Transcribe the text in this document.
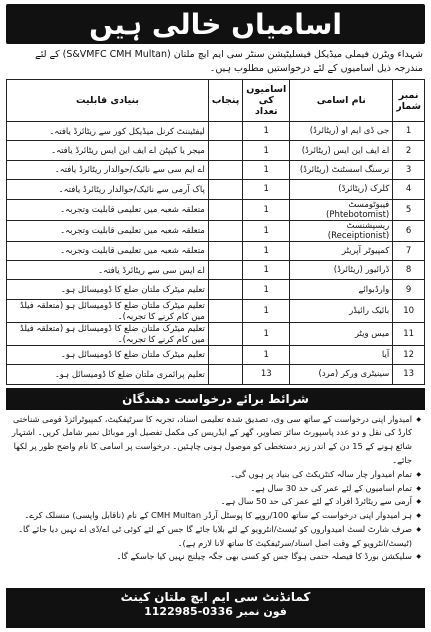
اسامیاں خالی ہیں
شہداء ویٹرن فیملی میڈیکل فیسلیٹیشن سنٹر سی ایم ایچ ملتان (S&VMFC CMH Multan) کے لئے مندرجہ ذیل اسامیوں کے لئے درخواستیں مطلوب ہیں۔
نمبر شمار	نام اسامی	اسامیوں کی تعداد	پنجاب	بنیادی قابلیت
1	جی ڈی ایم او (ریٹائرڈ)	1		لیفٹیننٹ کرنل میڈیکل کور سے ریٹائرڈ یافتہ۔
2	اے ایف این ایس (ریٹائرڈ)	1		میجر یا کیپٹن اے ایف این ایس ریٹائرڈ یافتہ۔
3	نرسنگ اسسٹنٹ (ریٹائرڈ)	1		اے ایم سی سے نائیک/حوالدار ریٹائرڈ یافتہ۔
4	کلرک (ریٹائرڈ)	1		پاک آرمی سے نائیک/حوالدار ریٹائرڈ یافتہ۔
5	فیبوٹومسٹ (Phtebotomist)	1		متعلقہ شعبہ میں تعلیمی قابلیت وتجربہ۔
6	ریسپشنسٹ (Receiptionist)	1		متعلقہ شعبہ میں تعلیمی قابلیت وتجربہ۔
7	کمپیوٹر آپریٹر	1		متعلقہ شعبہ میں تعلیمی قابلیت وتجربہ۔
8	ڈرائیور (ریٹائرڈ)	1		اے ایس سی سے ریٹائرڈ یافتہ۔
9	وارڈبوائے	1		تعلیم میٹرک ملتان ضلع کا ڈومیسائل ہو۔
10	بائیک رائیڈر	1		تعلیم میٹرک ملتان ضلع کا ڈومیسائل ہو (متعلقہ فیلڈ میں کام کرنے کا تجربہ)۔
11	میس ویٹر	1		تعلیم میٹرک ملتان ضلع کا ڈومیسائل ہو (متعلقہ فیلڈ میں کام کرنے کا تجربہ)۔
12	آیا	1		تعلیم میٹرک ملتان ضلع کا ڈومیسائل ہو۔
13	سینیٹری ورکر (مرد)	13		تعلیم پرائمری ملتان ضلع کا ڈومیسائل ہو۔
شرائط برائے درخواست دھندگان
◆ امیدوار اپنی درخواست کے ساتھ سی وی، تصدیق شدہ تعلیمی اسناد، تجربہ کا سرٹیفکیٹ، کمپیوٹرائزڈ قومی شناختی کارڈ کی نقل و دو عدد پاسپورٹ سائز تصاویر، گھر کے ایڈریس کی مکمل تفصیل اور موبائل نمبر شامل کریں۔ اشتہار شائع ہونے کے 15 دن کے اندر زیر دستخطی کو موصول ہونی چاہئیں۔ درخواست پر اسامی کا نام واضح طور پر لکھا جائے۔
◆ تمام امیدوار چار سالہ کنٹریکٹ کی بنیاد پر ہوں گی۔
◆ تمام اسامیوں کے لئے عمر کی حد 30 سال ہے۔
◆ آرمی سے ریٹائرڈ افراد کے لئے عمر کی حد 50 سال ہے۔
◆ ہر امیدوار اپنی درخواست کے ساتھ 100/روپے کا پوسٹل آرڈر CMH Multan کے نام (ناقابل واپسی) منسلک کرے۔
◆ صرف شارٹ لسٹ امیدواروں کو ٹیسٹ/انٹرویو کے لئے بلایا جائے گا جس کے لئے کوئی ٹی اے/ڈی اے نہیں دیا جائے گا۔ (ٹیسٹ/انٹرویو کے وقت اصل اسناد/سرٹیفکیٹ کا ساتھ لانا لازم ہے)۔
◆ سلیکشن بورڈ کا فیصلہ حتمی ہوگا جس کو کسی بھی جگہ چیلنج نہیں کیا جاسکے گا۔
کمانڈنٹ سی ایم ایچ ملتان کینٹ
فون نمبر 0336-1122985
